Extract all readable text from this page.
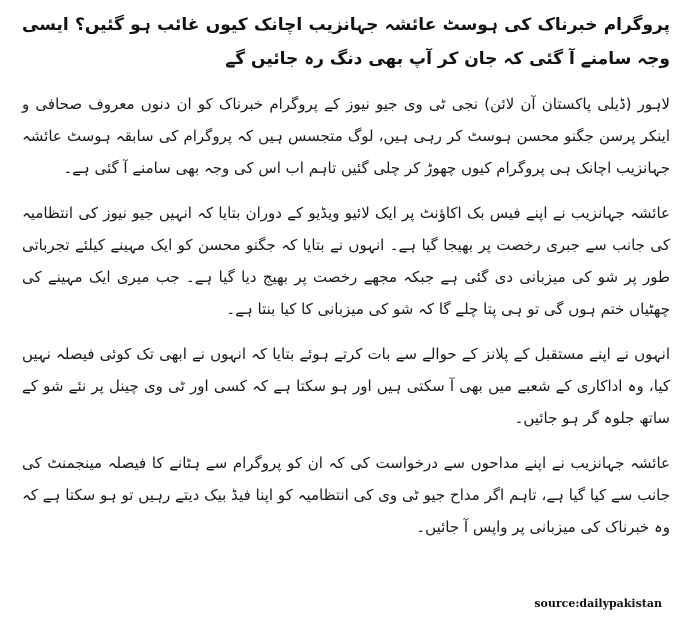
پروگرام خبرناک کی ہوسٹ عائشہ جہانزیب اچانک کیوں غائب ہو گئیں؟ ایسی وجہ سامنے آ گئی کہ جان کر آپ بھی دنگ رہ جائیں گے
لاہور (ڈیلی پاکستان آن لائن) نجی ٹی وی جیو نیوز کے پروگرام خبرناک کو ان دنوں معروف صحافی و اینکر پرسن جگنو محسن ہوسٹ کر رہی ہیں، لوگ متجسس ہیں کہ پروگرام کی سابقہ ہوسٹ عائشہ جہانزیب اچانک ہی پروگرام کیوں چھوڑ کر چلی گئیں تاہم اب اس کی وجہ بھی سامنے آ گئی ہے۔
عائشہ جہانزیب نے اپنے فیس بک اکاؤنٹ پر ایک لائیو ویڈیو کے دوران بتایا کہ انہیں جیو نیوز کی انتظامیہ کی جانب سے جبری رخصت پر بھیجا گیا ہے۔ انہوں نے بتایا کہ جگنو محسن کو ایک مہینے کیلئے تجرباتی طور پر شو کی میزبانی دی گئی ہے جبکہ مجھے رخصت پر بھیج دیا گیا ہے۔ جب میری ایک مہینے کی چھٹیاں ختم ہوں گی تو ہی پتا چلے گا کہ شو کی میزبانی کا کیا بنتا ہے۔
انہوں نے اپنے مستقبل کے پلانز کے حوالے سے بات کرتے ہوئے بتایا کہ انہوں نے ابھی تک کوئی فیصلہ نہیں کیا، وہ اداکاری کے شعبے میں بھی آ سکتی ہیں اور ہو سکتا ہے کہ کسی اور ٹی وی چینل پر نئے شو کے ساتھ جلوہ گر ہو جائیں۔
عائشہ جہانزیب نے اپنے مداحوں سے درخواست کی کہ ان کو پروگرام سے ہٹانے کا فیصلہ مینجمنٹ کی جانب سے کیا گیا ہے، تاہم اگر مداح جیو ٹی وی کی انتظامیہ کو اپنا فیڈ بیک دیتے رہیں تو ہو سکتا ہے کہ وہ خبرناک کی میزبانی پر واپس آ جائیں۔
source:dailypakistan
